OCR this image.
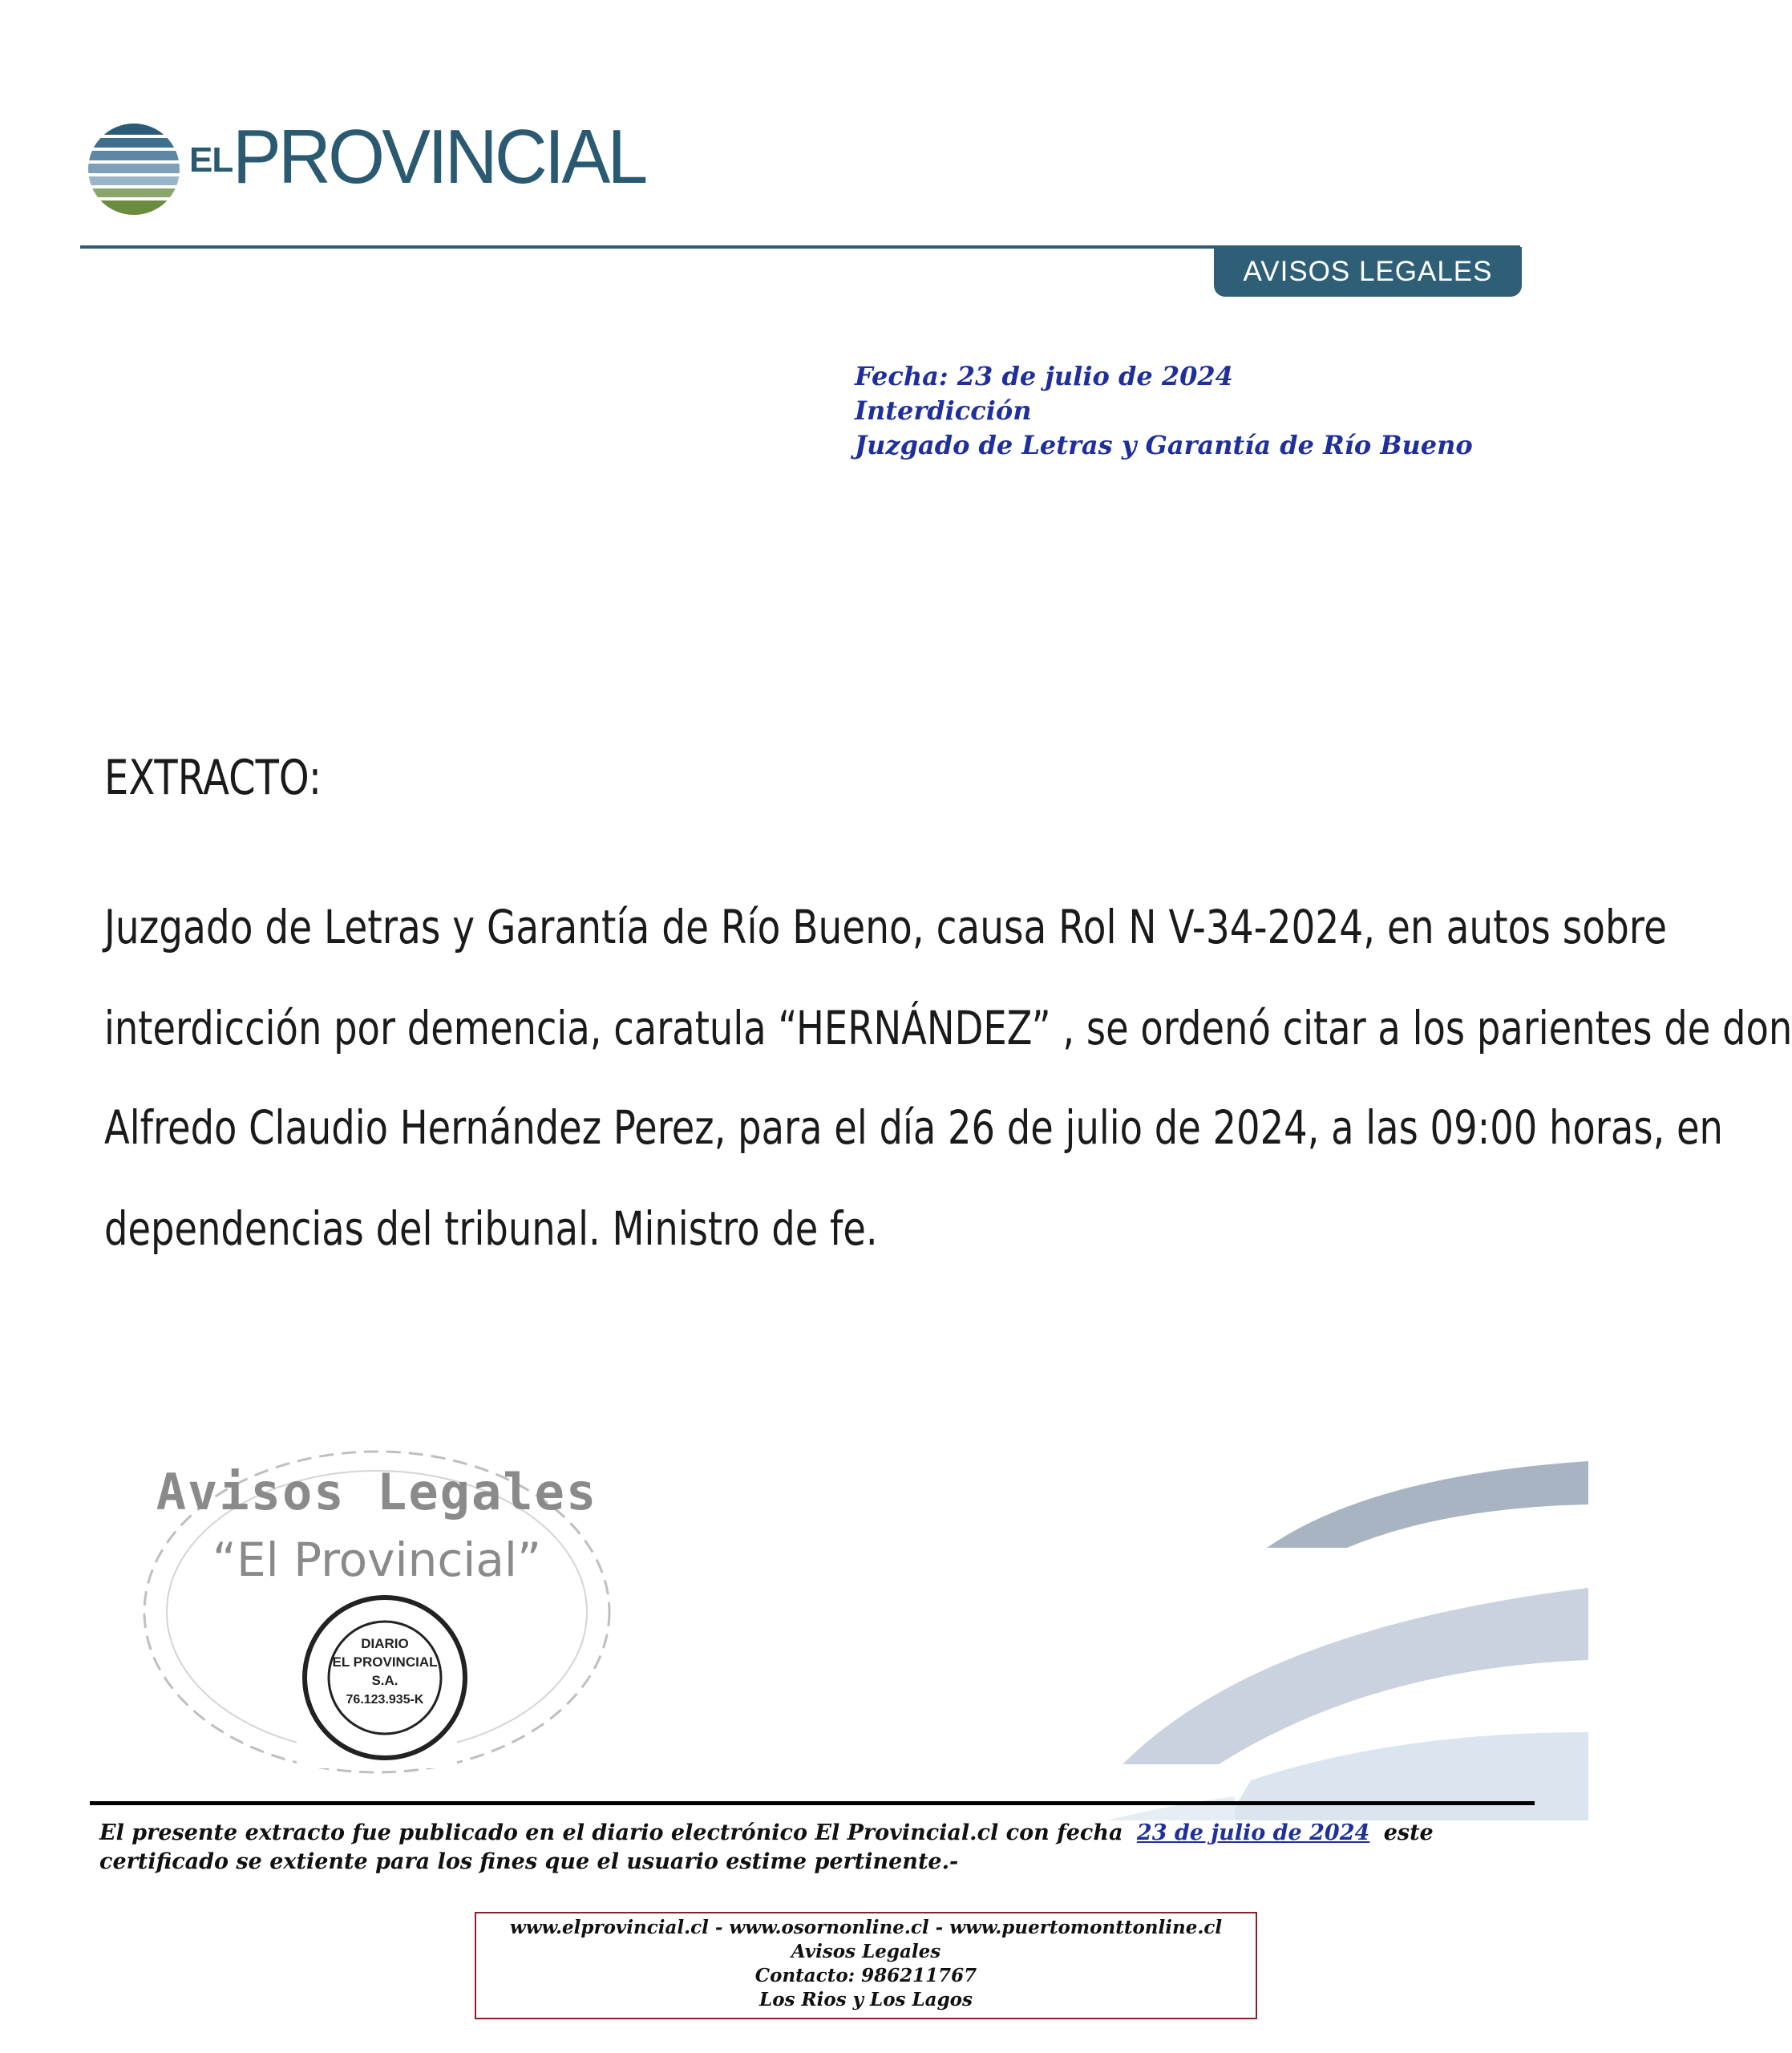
ELPROVINCIAL
AVISOS LEGALES
Fecha: 23 de julio de 2024
Interdicción
Juzgado de Letras y Garantía de Río Bueno
EXTRACTO:
Juzgado de Letras y Garantía de Río Bueno, causa Rol N V-34-2024, en autos sobre
interdicción por demencia, caratula “HERNÁNDEZ” , se ordenó citar a los parientes de don
Alfredo Claudio Hernández Perez, para el día 26 de julio de 2024, a las 09:00 horas, en
dependencias del tribunal. Ministro de fe.
Avisos Legales
“El Provincial”
DIARIO
EL PROVINCIAL
S.A.
76.123.935-K
El presente extracto fue publicado en el diario electrónico El Provincial.cl con fecha 23 de julio de 2024 este
certificado se extiente para los fines que el usuario estime pertinente.-
www.elprovincial.cl - www.osornonline.cl - www.puertomonttonline.cl
Avisos Legales
Contacto: 986211767
Los Rios y Los Lagos
